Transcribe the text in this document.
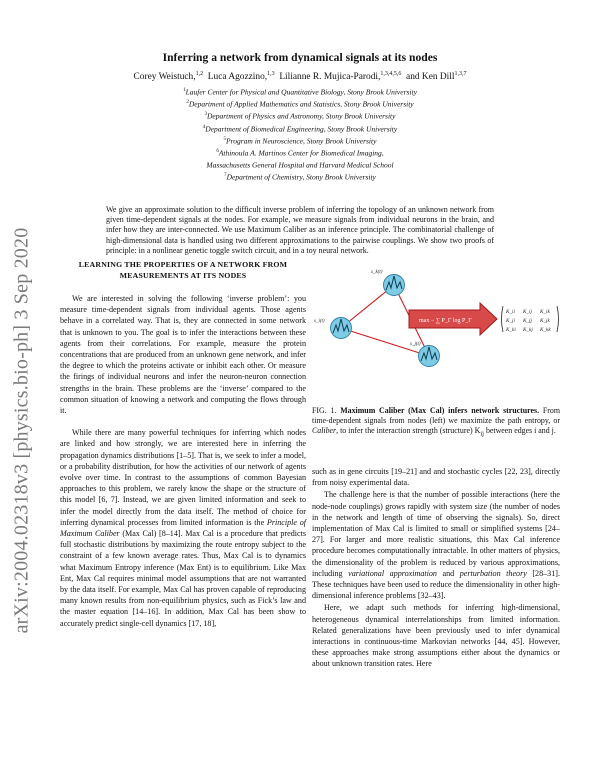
arXiv:2004.02318v3 [physics.bio-ph] 3 Sep 2020
Inferring a network from dynamical signals at its nodes
Corey Weistuch,$^{1,2}$ Luca Agozzino,$^{1,3}$ Lilianne R. Mujica-Parodi,$^{1,3,4,5,6}$ and Ken Dill$^{1,3,7}$
$^1$Laufer Center for Physical and Quantitative Biology, Stony Brook University
$^2$Department of Applied Mathematics and Statistics, Stony Brook University
$^3$Department of Physics and Astronomy, Stony Brook University
$^4$Department of Biomedical Engineering, Stony Brook University
$^5$Program in Neuroscience, Stony Brook University
$^6$Athinoula A. Martinos Center for Biomedical Imaging,
Massachusetts General Hospital and Harvard Medical School
$^7$Department of Chemistry, Stony Brook University

We give an approximate solution to the difficult inverse problem of inferring the topology of an unknown network from given time-dependent signals at the nodes. For example, we measure signals from individual neurons in the brain, and infer how they are inter-connected. We use Maximum Caliber as an inference principle. The combinatorial challenge of high-dimensional data is handled using two different approximations to the pairwise couplings. We show two proofs of principle: in a nonlinear genetic toggle switch circuit, and in a toy neural network.

LEARNING THE PROPERTIES OF A NETWORK FROM MEASUREMENTS AT ITS NODES

We are interested in solving the following ‘inverse problem’: you measure time-dependent signals from individual agents. Those agents behave in a correlated way. That is, they are connected in some network that is unknown to you. The goal is to infer the interactions between these agents from their correlations. For example, measure the protein concentrations that are produced from an unknown gene network, and infer the degree to which the proteins activate or inhibit each other. Or measure the firings of individual neurons and infer the neuron-neuron connection strengths in the brain. These problems are the ‘inverse’ compared to the common situation of knowing a network and computing the flows through it.

While there are many powerful techniques for inferring which nodes are linked and how strongly, we are interested here in inferring the propagation dynamics distributions [1–5]. That is, we seek to infer a model, or a probability distribution, for how the activities of our network of agents evolve over time. In contrast to the assumptions of common Bayesian approaches to this problem, we rarely know the shape or the structure of this model [6, 7]. Instead, we are given limited information and seek to infer the model directly from the data itself. The method of choice for inferring dynamical processes from limited information is the Principle of Maximum Caliber (Max Cal) [8–14]. Max Cal is a procedure that predicts full stochastic distributions by maximizing the route entropy subject to the constraint of a few known average rates. Thus, Max Cal is to dynamics what Maximum Entropy inference (Max Ent) is to equilibrium. Like Max Ent, Max Cal requires minimal model assumptions that are not warranted by the data itself. For example, Max Cal has proven capable of reproducing many known results from non-equilibrium physics, such as Fick’s law and the master equation [14–16]. In addition, Max Cal has been show to accurately predict single-cell dynamics [17, 18],

s_k(t)
s_i(t)
s_j(t)
max − ∑ P_Γ log P_Γ
K_ii K_ij K_ik
K_ji K_jj K_jk
K_ki K_kj K_kk
FIG. 1. Maximum Caliber (Max Cal) infers network structures. From time-dependent signals from nodes (left) we maximize the path entropy, or Caliber, to infer the interaction strength (structure) $K_{ij}$ between edges i and j.

such as in gene circuits [19–21] and and stochastic cycles [22, 23], directly from noisy experimental data.

The challenge here is that the number of possible interactions (here the node-node couplings) grows rapidly with system size (the number of nodes in the network and length of time of observing the signals). So, direct implementation of Max Cal is limited to small or simplified systems [24–27]. For larger and more realistic situations, this Max Cal inference procedure becomes computationally intractable. In other matters of physics, the dimensionality of the problem is reduced by various approximations, including variational approximation and perturbation theory [28–31]. These techniques have been used to reduce the dimensionality in other high-dimensional inference problems [32–43].

Here, we adapt such methods for inferring high-dimensional, heterogeneous dynamical interrelationships from limited information. Related generalizations have been previously used to infer dynamical interactions in continuous-time Markovian networks [44, 45]. However, these approaches make strong assumptions either about the dynamics or about unknown transition rates. Here
